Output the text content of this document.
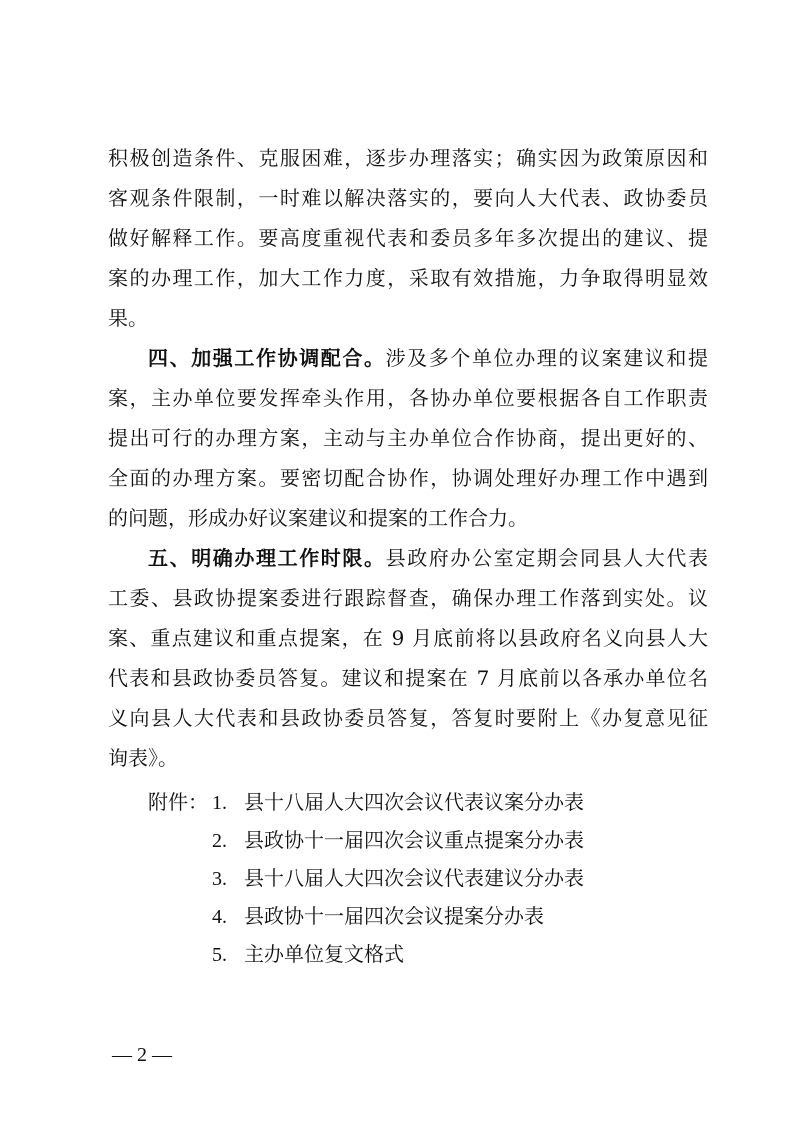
积极创造条件、克服困难，逐步办理落实；确实因为政策原因和
客观条件限制，一时难以解决落实的，要向人大代表、政协委员
做好解释工作。要高度重视代表和委员多年多次提出的建议、提
案的办理工作，加大工作力度，采取有效措施，力争取得明显效
果。
四、加强工作协调配合。涉及多个单位办理的议案建议和提
案，主办单位要发挥牵头作用，各协办单位要根据各自工作职责
提出可行的办理方案，主动与主办单位合作协商，提出更好的、
全面的办理方案。要密切配合协作，协调处理好办理工作中遇到
的问题，形成办好议案建议和提案的工作合力。
五、明确办理工作时限。县政府办公室定期会同县人大代表
工委、县政协提案委进行跟踪督查，确保办理工作落到实处。议
案、重点建议和重点提案，在 9 月底前将以县政府名义向县人大
代表和县政协委员答复。建议和提案在 7 月底前以各承办单位名
义向县人大代表和县政协委员答复，答复时要附上《办复意见征
询表》。
附件： 1. 县十八届人大四次会议代表议案分办表
2. 县政协十一届四次会议重点提案分办表
3. 县十八届人大四次会议代表建议分办表
4. 县政协十一届四次会议提案分办表
5. 主办单位复文格式
— 2 —
